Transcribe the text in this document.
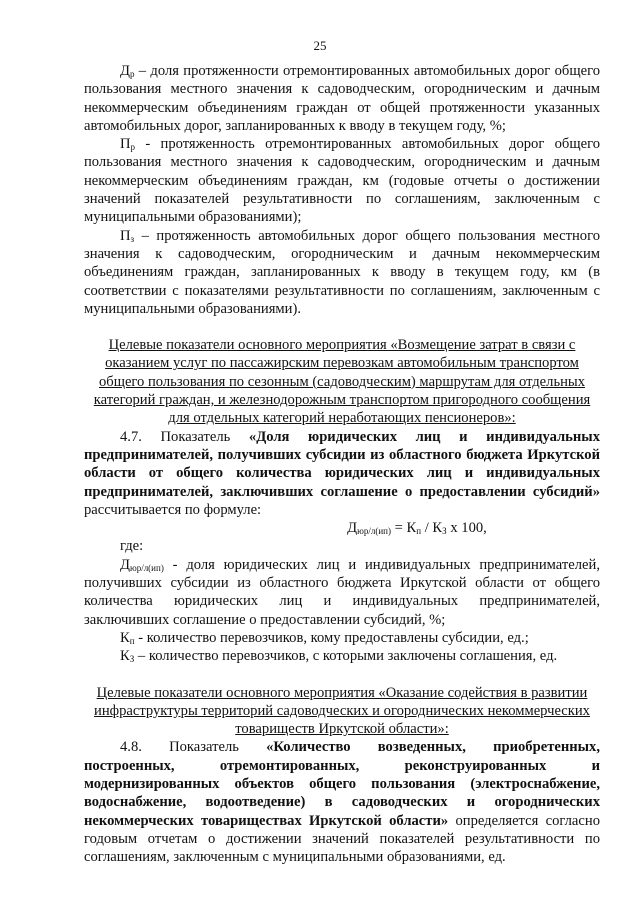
25

$Д_р$ – доля протяженности отремонтированных автомобильных дорог общего пользования местного значения к садоводческим, огородническим и дачным некоммерческим объединениям граждан от общей протяженности указанных автомобильных дорог, запланированных к вводу в текущем году, %;

$П_р$ - протяженность отремонтированных автомобильных дорог общего пользования местного значения к садоводческим, огородническим и дачным некоммерческим объединениям граждан, км (годовые отчеты о достижении значений показателей результативности по соглашениям, заключенным с муниципальными образованиями);

$П_з$ – протяженность автомобильных дорог общего пользования местного значения к садоводческим, огородническим и дачным некоммерческим объединениям граждан, запланированных к вводу в текущем году, км (в соответствии с показателями результативности по соглашениям, заключенным с муниципальными образованиями).

Целевые показатели основного мероприятия «Возмещение затрат в связи с оказанием услуг по пассажирским перевозкам автомобильным транспортом общего пользования по сезонным (садоводческим) маршрутам для отдельных категорий граждан, и железнодорожным транспортом пригородного сообщения для отдельных категорий неработающих пенсионеров»:

4.7. Показатель «Доля юридических лиц и индивидуальных предпринимателей, получивших субсидии из областного бюджета Иркутской области от общего количества юридических лиц и индивидуальных предпринимателей, заключивших соглашение о предоставлении субсидий» рассчитывается по формуле:

$Д_{юр/л(ип)} = К_п / К_З$ х 100,

где:

$Д_{юр/л(ип)}$ - доля юридических лиц и индивидуальных предпринимателей, получивших субсидии из областного бюджета Иркутской области от общего количества юридических лиц и индивидуальных предпринимателей, заключивших соглашение о предоставлении субсидий, %;

$К_п$ - количество перевозчиков, кому предоставлены субсидии, ед.;

$К_З$ – количество перевозчиков, с которыми заключены соглашения, ед.

Целевые показатели основного мероприятия «Оказание содействия в развитии инфраструктуры территорий садоводческих и огороднических некоммерческих товариществ Иркутской области»:

4.8. Показатель «Количество возведенных, приобретенных, построенных, отремонтированных, реконструированных и модернизированных объектов общего пользования (электроснабжение, водоснабжение, водоотведение) в садоводческих и огороднических некоммерческих товариществах Иркутской области» определяется согласно годовым отчетам о достижении значений показателей результативности по соглашениям, заключенным с муниципальными образованиями, ед.
